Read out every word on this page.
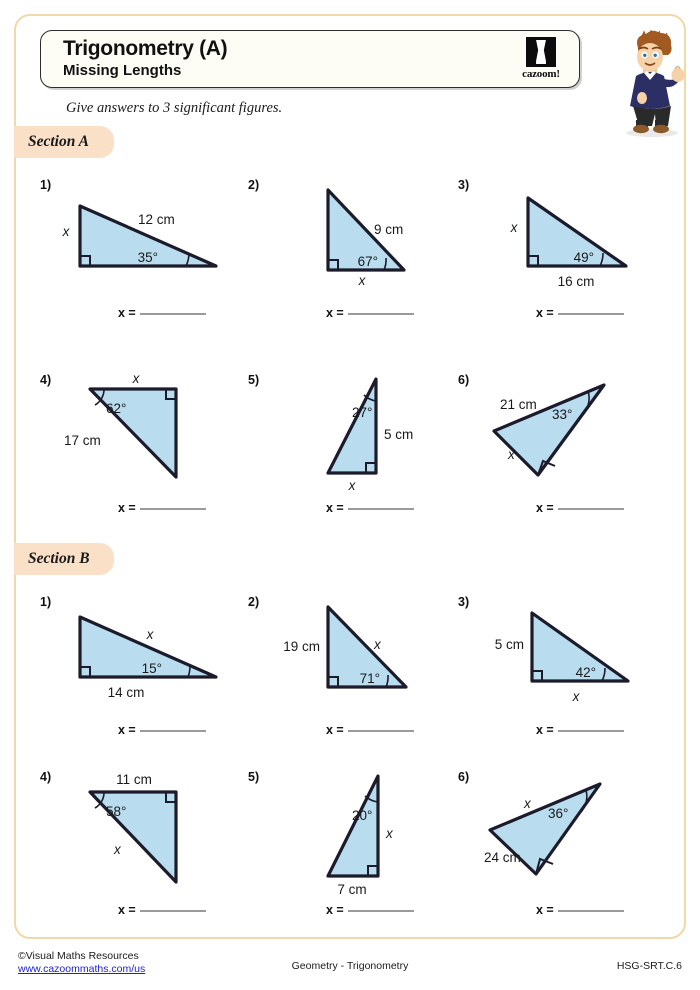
Trigonometry (A)
Missing Lengths	cazoom!
Give answers to 3 significant figures.
Section A
1)
12 cm
35°
x
x =
2)
9 cm
67°
x
x =
3)
16 cm
49°
x
x =
4)	x
62°
17 cm
x =
5)
27°
5 cm
x
x =
6)
21 cm
33°
x
x =
Section B
1)
x
15°
14 cm
x =
2)
19 cm	x
71°
x =
3)
5 cm
42°
x
x =
4)	11 cm
58°
x
x =
5)
20°
x
7 cm
x =
6)
x
36°
24 cm
x =
©Visual Maths Resources
www.cazoommaths.com/us	Geometry - Trigonometry	HSG-SRT.C.6
